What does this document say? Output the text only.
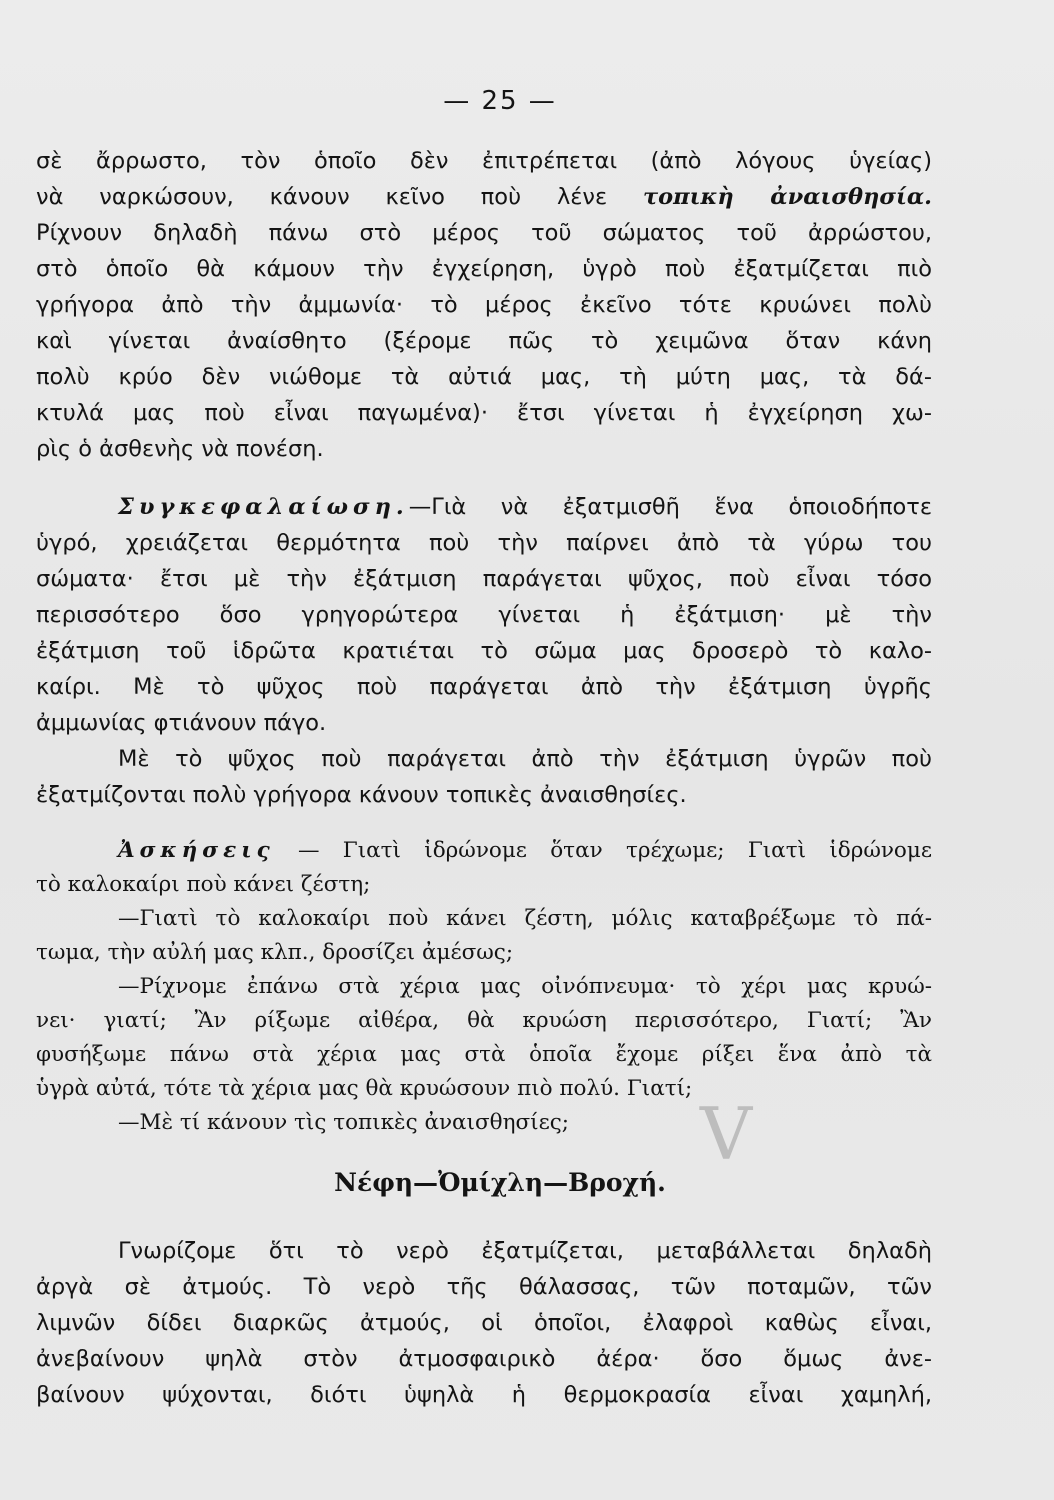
— 25 —
σὲ ἄρρωστο, τὸν ὁποῖο δὲν ἐπιτρέπεται (ἀπὸ λόγους ὑγείας)
νὰ ναρκώσουν, κάνουν κεῖνο ποὺ λένε τοπικὴ ἀναισθησία.
Ρίχνουν δηλαδὴ πάνω στὸ μέρος τοῦ σώματος τοῦ ἀρρώστου,
στὸ ὁποῖο θὰ κάμουν τὴν ἐγχείρηση, ὑγρὸ ποὺ ἐξατμίζεται πιὸ
γρήγορα ἀπὸ τὴν ἀμμωνία· τὸ μέρος ἐκεῖνο τότε κρυώνει πολὺ
καὶ γίνεται ἀναίσθητο (ξέρομε πῶς τὸ χειμῶνα ὅταν κάνη
πολὺ κρύο δὲν νιώθομε τὰ αὐτιά μας, τὴ μύτη μας, τὰ δά-
κτυλά μας ποὺ εἶναι παγωμένα)· ἔτσι γίνεται ἡ ἐγχείρηση χω-
ρὶς ὁ ἀσθενὴς νὰ πονέση.
Συγκεφαλαίωση.—Γιὰ νὰ ἐξατμισθῆ ἕνα ὁποιοδήποτε
ὑγρό, χρειάζεται θερμότητα ποὺ τὴν παίρνει ἀπὸ τὰ γύρω του
σώματα· ἔτσι μὲ τὴν ἐξάτμιση παράγεται ψῦχος, ποὺ εἶναι τόσο
περισσότερο ὅσο γρηγορώτερα γίνεται ἡ ἐξάτμιση· μὲ τὴν
ἐξάτμιση τοῦ ἱδρῶτα κρατιέται τὸ σῶμα μας δροσερὸ τὸ καλο-
καίρι. Μὲ τὸ ψῦχος ποὺ παράγεται ἀπὸ τὴν ἐξάτμιση ὑγρῆς
ἀμμωνίας φτιάνουν πάγο.
Μὲ τὸ ψῦχος ποὺ παράγεται ἀπὸ τὴν ἐξάτμιση ὑγρῶν ποὺ
ἐξατμίζονται πολὺ γρήγορα κάνουν τοπικὲς ἀναισθησίες.
Ἀσκήσεις — Γιατὶ ἱδρώνομε ὅταν τρέχωμε; Γιατὶ ἱδρώνομε
τὸ καλοκαίρι ποὺ κάνει ζέστη;
—Γιατὶ τὸ καλοκαίρι ποὺ κάνει ζέστη, μόλις καταβρέξωμε τὸ πά-
τωμα, τὴν αὐλή μας κλπ., δροσίζει ἀμέσως;
—Ρίχνομε ἐπάνω στὰ χέρια μας οἰνόπνευμα· τὸ χέρι μας κρυώ-
νει· γιατί; Ἂν ρίξωμε αἰθέρα, θὰ κρυώση περισσότερο, Γιατί; Ἂν
φυσήξωμε πάνω στὰ χέρια μας στὰ ὁποῖα ἔχομε ρίξει ἕνα ἀπὸ τὰ
ὑγρὰ αὐτά, τότε τὰ χέρια μας θὰ κρυώσουν πιὸ πολύ. Γιατί;
—Μὲ τί κάνουν τὶς τοπικὲς ἀναισθησίες;	V
Νέφη—Ὀμίχλη—Βροχή.
Γνωρίζομε ὅτι τὸ νερὸ ἐξατμίζεται, μεταβάλλεται δηλαδὴ
ἀργὰ σὲ ἀτμούς. Τὸ νερὸ τῆς θάλασσας, τῶν ποταμῶν, τῶν
λιμνῶν δίδει διαρκῶς ἀτμούς, οἱ ὁποῖοι, ἐλαφροὶ καθὼς εἶναι,
ἀνεβαίνουν ψηλὰ στὸν ἀτμοσφαιρικὸ ἀέρα· ὅσο ὅμως ἀνε-
βαίνουν ψύχονται, διότι ὑψηλὰ ἡ θερμοκρασία εἶναι χαμηλή,
